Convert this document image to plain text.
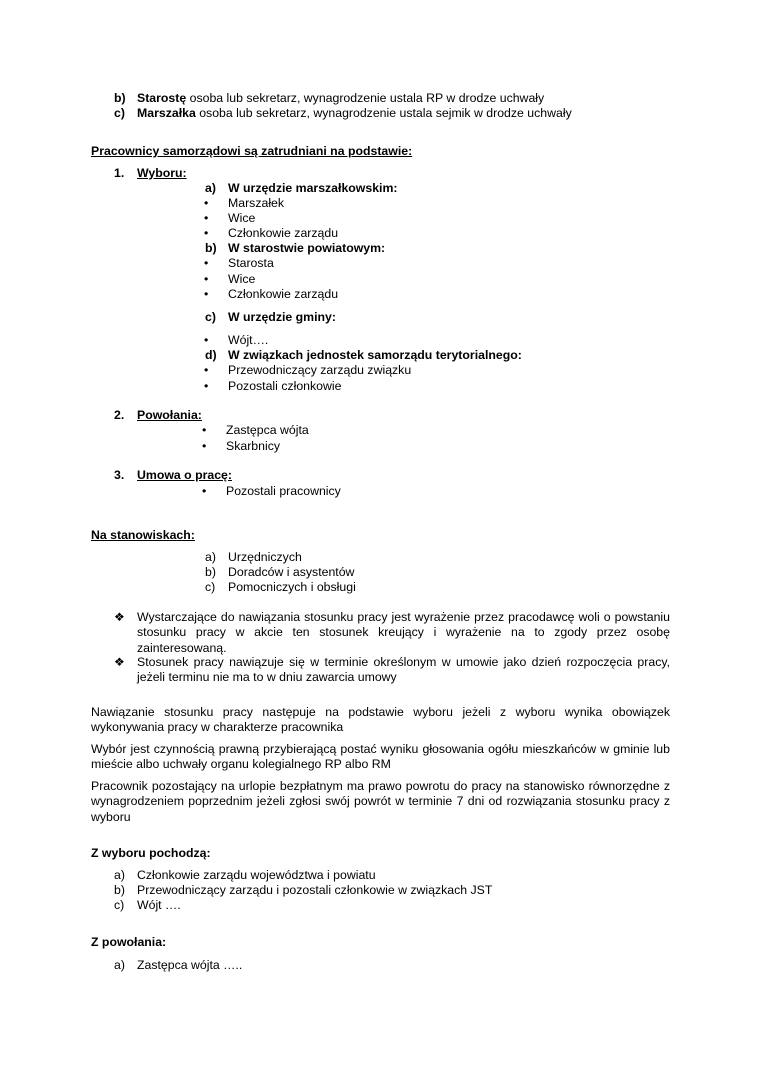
b) Starostę osoba lub sekretarz, wynagrodzenie ustala RP w drodze uchwały
c) Marszałka osoba lub sekretarz, wynagrodzenie ustala sejmik w drodze uchwały
Pracownicy samorządowi są zatrudniani na podstawie:
1. Wyboru:
a) W urzędzie marszałkowskim:
• Marszałek
• Wice
• Członkowie zarządu
b) W starostwie powiatowym:
• Starosta
• Wice
• Członkowie zarządu
c) W urzędzie gminy:
• Wójt….
d) W związkach jednostek samorządu terytorialnego:
• Przewodniczący zarządu związku
• Pozostali członkowie
2. Powołania:
• Zastępca wójta
• Skarbnicy
3. Umowa o pracę:
• Pozostali pracownicy
Na stanowiskach:
a) Urzędniczych
b) Doradców i asystentów
c) Pomocniczych i obsługi
❖ Wystarczające do nawiązania stosunku pracy jest wyrażenie przez pracodawcę woli o powstaniu stosunku pracy w akcie ten stosunek kreujący i wyrażenie na to zgody przez osobę zainteresowaną.
❖ Stosunek pracy nawiązuje się w terminie określonym w umowie jako dzień rozpoczęcia pracy, jeżeli terminu nie ma to w dniu zawarcia umowy
Nawiązanie stosunku pracy następuje na podstawie wyboru jeżeli z wyboru wynika obowiązek wykonywania pracy w charakterze pracownika
Wybór jest czynnością prawną przybierającą postać wyniku głosowania ogółu mieszkańców w gminie lub mieście albo uchwały organu kolegialnego RP albo RM
Pracownik pozostający na urlopie bezpłatnym ma prawo powrotu do pracy na stanowisko równorzędne z wynagrodzeniem poprzednim jeżeli zgłosi swój powrót w terminie 7 dni od rozwiązania stosunku pracy z wyboru
Z wyboru pochodzą:
a) Członkowie zarządu województwa i powiatu
b) Przewodniczący zarządu i pozostali członkowie w związkach JST
c) Wójt ….
Z powołania:
a) Zastępca wójta …..
